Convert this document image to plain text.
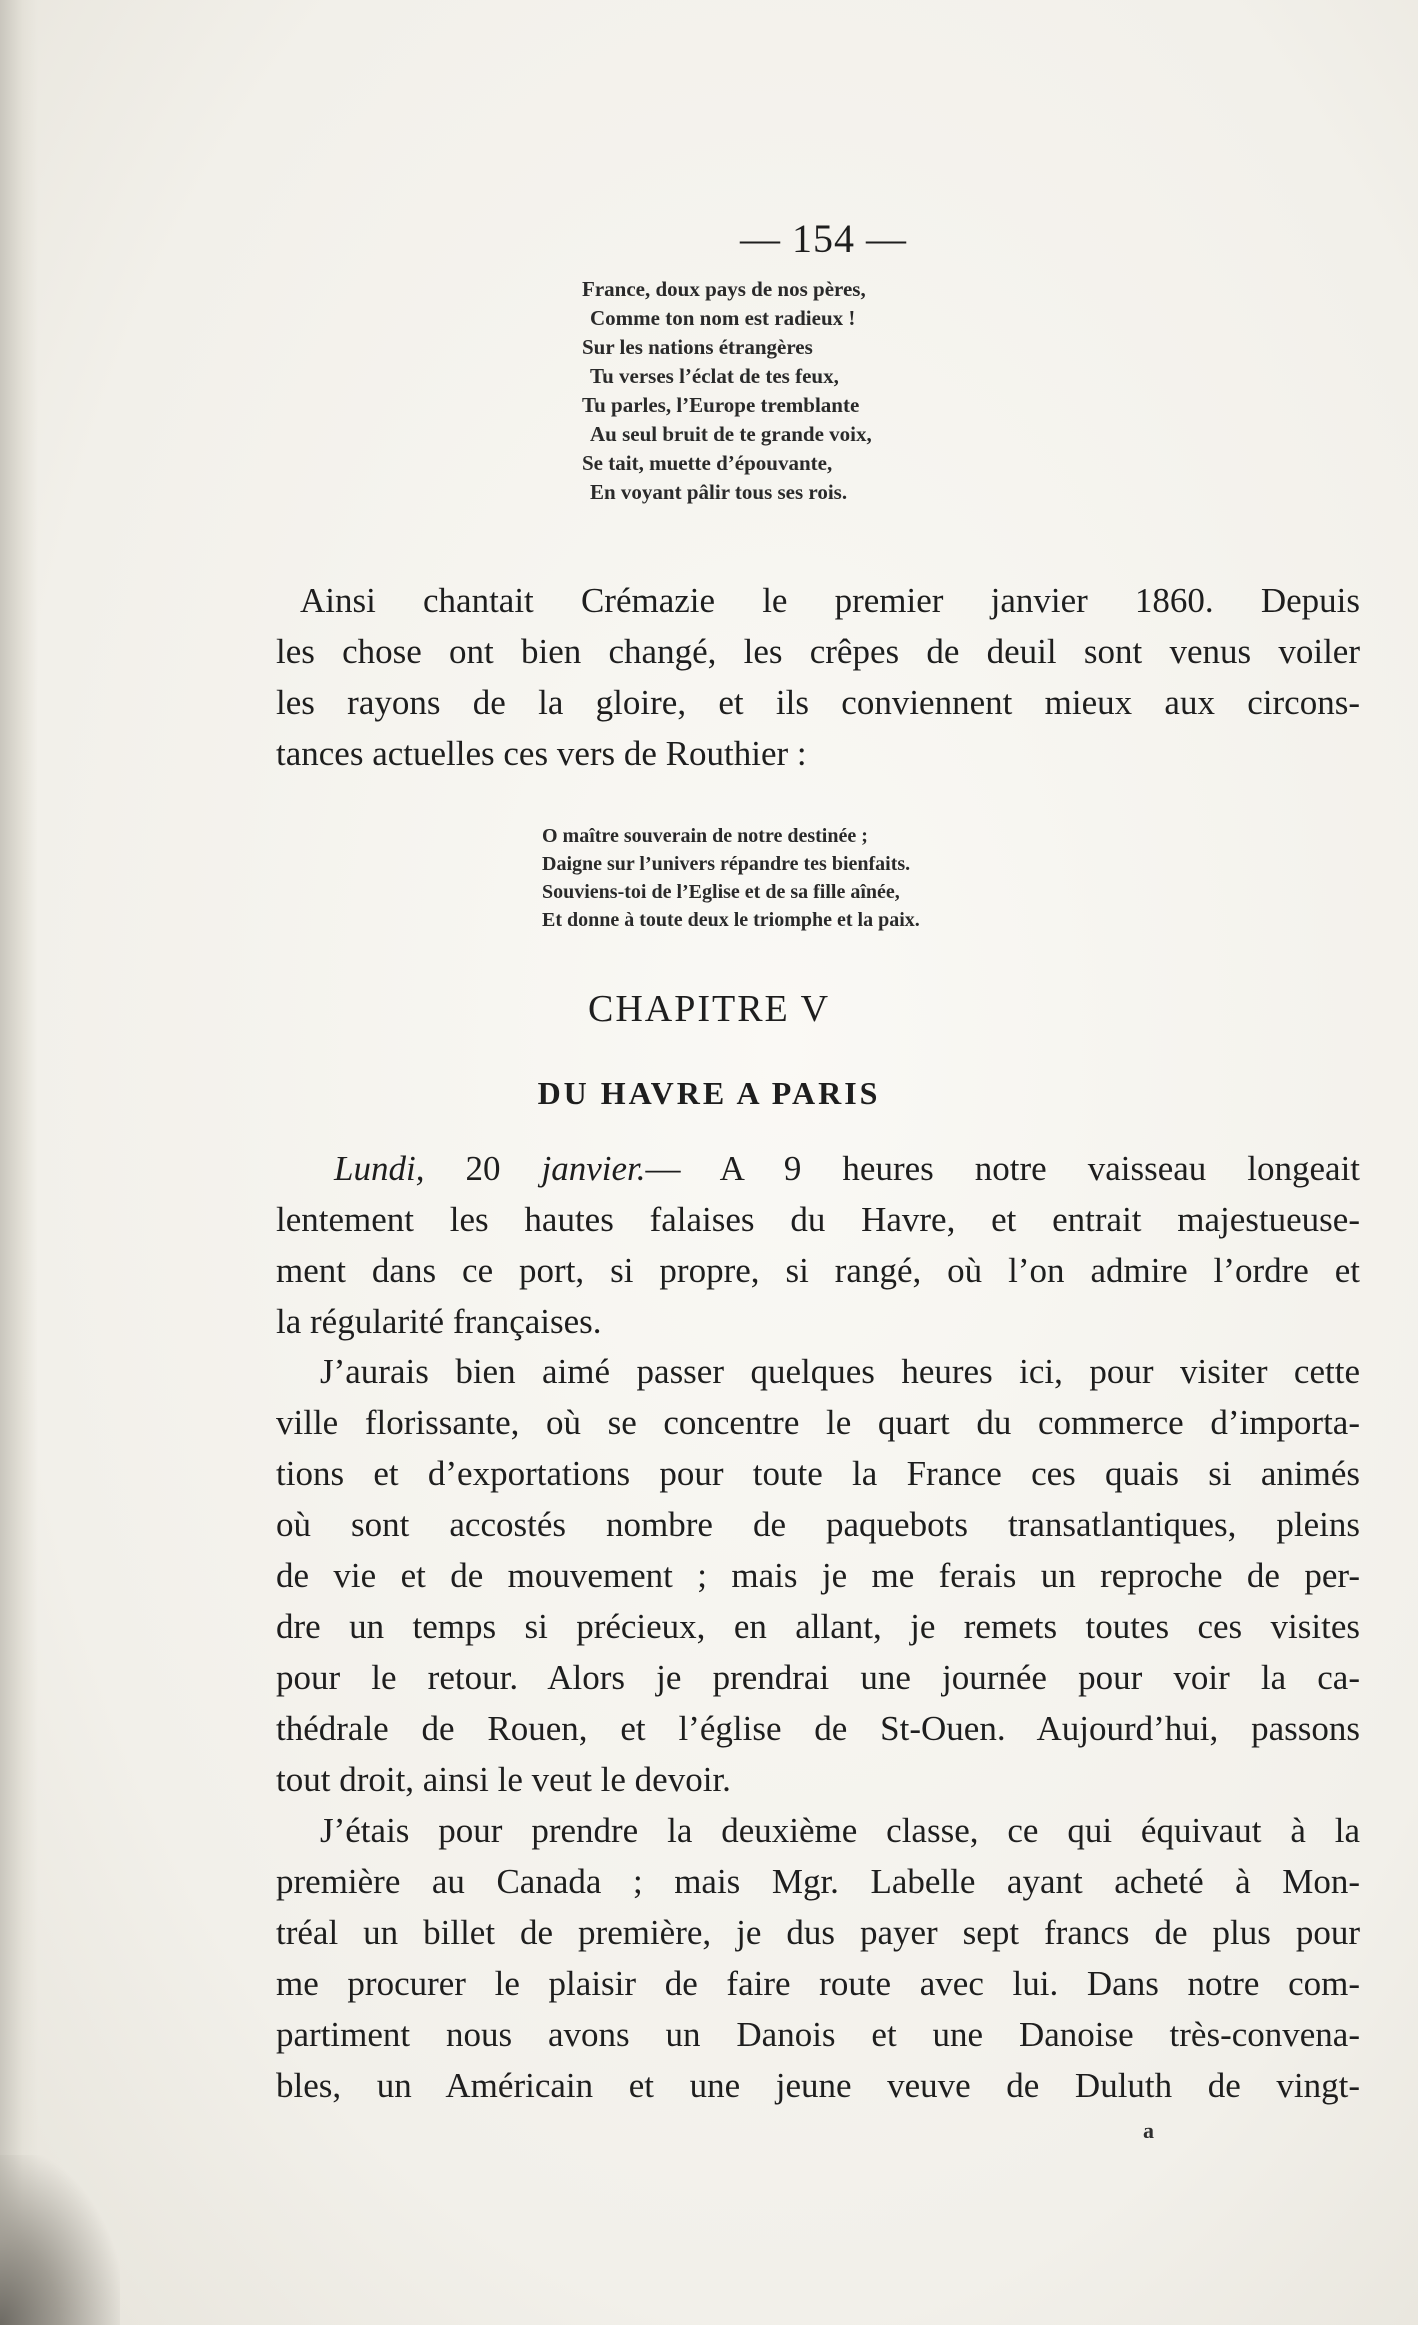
— 154 —
France, doux pays de nos pères,
Comme ton nom est radieux !
Sur les nations étrangères
Tu verses l’éclat de tes feux,
Tu parles, l’Europe tremblante
Au seul bruit de te grande voix,
Se tait, muette d’épouvante,
En voyant pâlir tous ses rois.
Ainsi chantait Crémazie le premier janvier 1860. Depuis
les chose ont bien changé, les crêpes de deuil sont venus voiler
les rayons de la gloire, et ils conviennent mieux aux circons-
tances actuelles ces vers de Routhier :
O maître souverain de notre destinée ;
Daigne sur l’univers répandre tes bienfaits.
Souviens-toi de l’Eglise et de sa fille aînée,
Et donne à toute deux le triomphe et la paix.
CHAPITRE V
DU HAVRE A PARIS
Lundi, 20 janvier.— A 9 heures notre vaisseau longeait
lentement les hautes falaises du Havre, et entrait majestueuse-
ment dans ce port, si propre, si rangé, où l’on admire l’ordre et
la régularité françaises.
J’aurais bien aimé passer quelques heures ici, pour visiter cette
ville florissante, où se concentre le quart du commerce d’importa-
tions et d’exportations pour toute la France ces quais si animés
où sont accostés nombre de paquebots transatlantiques, pleins
de vie et de mouvement ; mais je me ferais un reproche de per-
dre un temps si précieux, en allant, je remets toutes ces visites
pour le retour. Alors je prendrai une journée pour voir la ca-
thédrale de Rouen, et l’église de St-Ouen. Aujourd’hui, passons
tout droit, ainsi le veut le devoir.
J’étais pour prendre la deuxième classe, ce qui équivaut à la
première au Canada ; mais Mgr. Labelle ayant acheté à Mon-
tréal un billet de première, je dus payer sept francs de plus pour
me procurer le plaisir de faire route avec lui. Dans notre com-
partiment nous avons un Danois et une Danoise très-convena-
bles, un Américain et une jeune veuve de Duluth de vingt-
a
